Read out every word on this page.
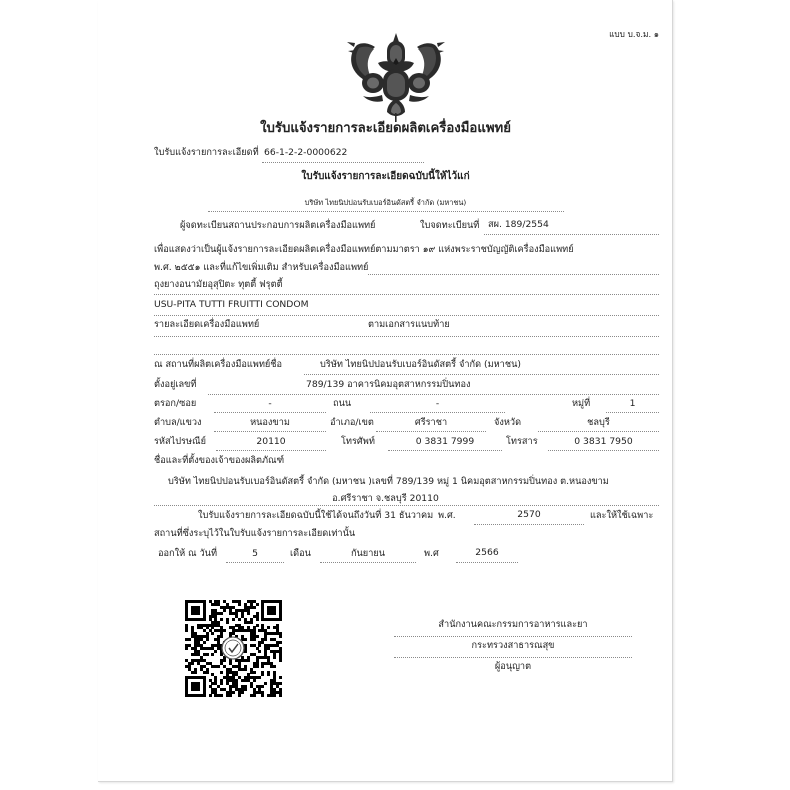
แบบ บ.จ.ม. ๑
ใบรับแจ้งรายการละเอียดผลิตเครื่องมือแพทย์
ใบรับแจ้งรายการละเอียดที่ 66-1-2-2-0000622
ใบรับแจ้งรายการละเอียดฉบับนี้ให้ไว้แก่
บริษัท ไทยนิปปอนรับเบอร์อินดัสตรี้ จำกัด (มหาชน)
ผู้จดทะเบียนสถานประกอบการผลิตเครื่องมือแพทย์	ใบจดทะเบียนที่ สผ. 189/2554
เพื่อแสดงว่าเป็นผู้แจ้งรายการละเอียดผลิตเครื่องมือแพทย์ตามมาตรา ๑๙ แห่งพระราชบัญญัติเครื่องมือแพทย์
พ.ศ. ๒๕๕๑ และที่แก้ไขเพิ่มเติม สำหรับเครื่องมือแพทย์
ถุงยางอนามัยอุสุปิตะ ทุตตี้ ฟรุตตี้
USU-PITA TUTTI FRUITTI CONDOM
รายละเอียดเครื่องมือแพทย์	ตามเอกสารแนบท้าย
ณ สถานที่ผลิตเครื่องมือแพทย์ชื่อ	บริษัท ไทยนิปปอนรับเบอร์อินดัสตรี้ จำกัด (มหาชน)
ตั้งอยู่เลขที่	789/139 อาคารนิคมอุตสาหกรรมปิ่นทอง
ตรอก/ซอย	-	ถนน	-	หมู่ที่	1
ตำบล/แขวง	หนองขาม	อำเภอ/เขต	ศรีราชา	จังหวัด	ชลบุรี
รหัสไปรษณีย์	20110	โทรศัพท์	0 3831 7999	โทรสาร	0 3831 7950
ชื่อและที่ตั้งของเจ้าของผลิตภัณฑ์
บริษัท ไทยนิปปอนรับเบอร์อินดัสตรี้ จำกัด (มหาชน )เลขที่ 789/139 หมู่ 1 นิคมอุตสาหกรรมปิ่นทอง ต.หนองขาม
อ.ศรีราชา จ.ชลบุรี 20110
ใบรับแจ้งรายการละเอียดฉบับนี้ใช้ได้จนถึงวันที่ 31 ธันวาคม พ.ศ.	2570	และให้ใช้เฉพาะ
สถานที่ซึ่งระบุไว้ในใบรับแจ้งรายการละเอียดเท่านั้น
ออกให้ ณ วันที่	5	เดือน	กันยายน	พ.ศ	2566
สำนักงานคณะกรรมการอาหารและยา
กระทรวงสาธารณสุข
ผู้อนุญาต
